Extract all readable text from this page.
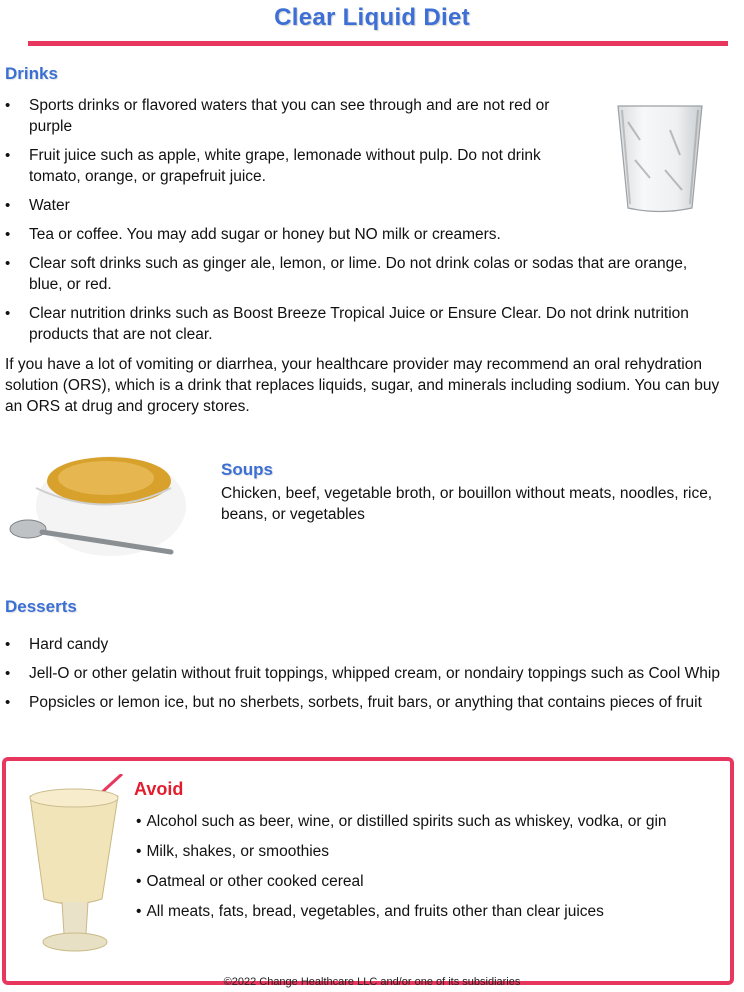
Clear Liquid Diet
Drinks
• Sports drinks or flavored waters that you can see through and are not red or purple
• Fruit juice such as apple, white grape, lemonade without pulp. Do not drink tomato, orange, or grapefruit juice.
• Water
• Tea or coffee. You may add sugar or honey but NO milk or creamers.
• Clear soft drinks such as ginger ale, lemon, or lime. Do not drink colas or sodas that are orange, blue, or red.
• Clear nutrition drinks such as Boost Breeze Tropical Juice or Ensure Clear. Do not drink nutrition products that are not clear.

If you have a lot of vomiting or diarrhea, your healthcare provider may recommend an oral rehydration solution (ORS), which is a drink that replaces liquids, sugar, and minerals including sodium. You can buy an ORS at drug and grocery stores.

Soups

Chicken, beef, vegetable broth, or bouillon without meats, noodles, rice, beans, or vegetables

Desserts
• Hard candy
• Jell-O or other gelatin without fruit toppings, whipped cream, or nondairy toppings such as Cool Whip
• Popsicles or lemon ice, but no sherbets, sorbets, fruit bars, or anything that contains pieces of fruit
Avoid
• Alcohol such as beer, wine, or distilled spirits such as whiskey, vodka, or gin
• Milk, shakes, or smoothies
• Oatmeal or other cooked cereal
• All meats, fats, bread, vegetables, and fruits other than clear juices
©2022 Change Healthcare LLC and/or one of its subsidiaries
